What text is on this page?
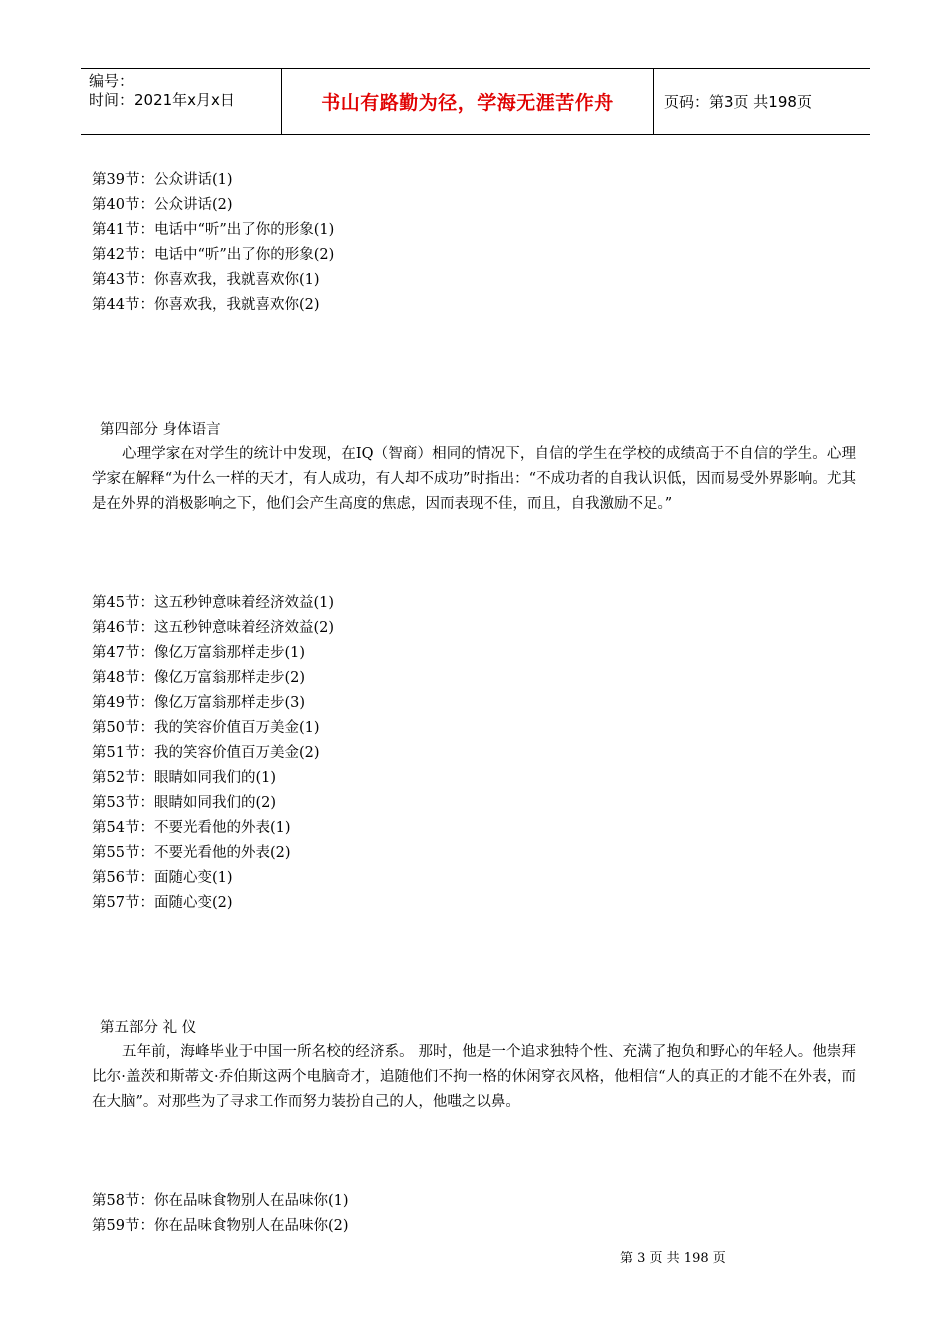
编号：
时间：2021年x月x日	书山有路勤为径，学海无涯苦作舟	页码：第3页 共198页
第39节：公众讲话(1)
第40节：公众讲话(2)
第41节：电话中“听”出了你的形象(1)
第42节：电话中“听”出了你的形象(2)
第43节：你喜欢我，我就喜欢你(1)
第44节：你喜欢我，我就喜欢你(2)
第四部分 身体语言
心理学家在对学生的统计中发现，在IQ（智商）相同的情况下，自信的学生在学校的成绩高于不自信的学生。心理学家在解释“为什么一样的天才，有人成功，有人却不成功”时指出：“不成功者的自我认识低，因而易受外界影响。尤其是在外界的消极影响之下，他们会产生高度的焦虑，因而表现不佳，而且，自我激励不足。”
第45节：这五秒钟意味着经济效益(1)
第46节：这五秒钟意味着经济效益(2)
第47节：像亿万富翁那样走步(1)
第48节：像亿万富翁那样走步(2)
第49节：像亿万富翁那样走步(3)
第50节：我的笑容价值百万美金(1)
第51节：我的笑容价值百万美金(2)
第52节：眼睛如同我们的(1)
第53节：眼睛如同我们的(2)
第54节：不要光看他的外表(1)
第55节：不要光看他的外表(2)
第56节：面随心变(1)
第57节：面随心变(2)
第五部分 礼 仪
五年前，海峰毕业于中国一所名校的经济系。 那时，他是一个追求独特个性、充满了抱负和野心的年轻人。他崇拜比尔·盖茨和斯蒂文·乔伯斯这两个电脑奇才，追随他们不拘一格的休闲穿衣风格，他相信“人的真正的才能不在外表，而在大脑”。对那些为了寻求工作而努力装扮自己的人，他嗤之以鼻。
第58节：你在品味食物别人在品味你(1)
第59节：你在品味食物别人在品味你(2)
第 3 页 共 198 页
